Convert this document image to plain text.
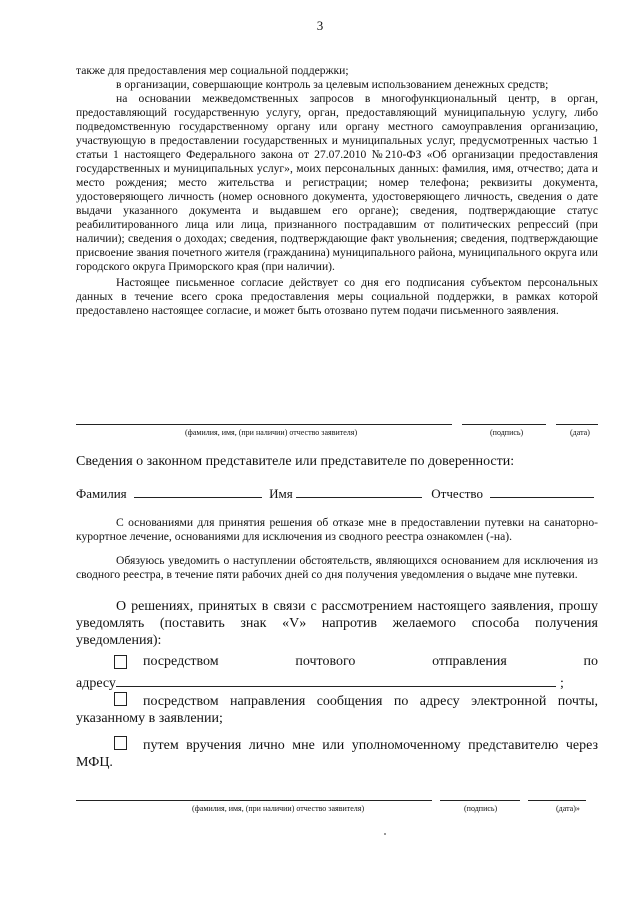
3

также для предоставления мер социальной поддержки;

в организации, совершающие контроль за целевым использованием денежных средств;

на основании межведомственных запросов в многофункциональный центр, в орган, предоставляющий государственную услугу, орган, предоставляющий муниципальную услугу, либо подведомственную государственному органу или органу местного самоуправления организацию, участвующую в предоставлении государственных и муниципальных услуг, предусмотренных частью 1 статьи 1 настоящего Федерального закона от 27.07.2010 №210-ФЗ «Об организации предоставления государственных и муниципальных услуг», моих персональных данных: фамилия, имя, отчество; дата и место рождения; место жительства и регистрации; номер телефона; реквизиты документа, удостоверяющего личность (номер основного документа, удостоверяющего личность, сведения о дате выдачи указанного документа и выдавшем его органе); сведения, подтверждающие статус реабилитированного лица или лица, признанного пострадавшим от политических репрессий (при наличии); сведения о доходах; сведения, подтверждающие факт увольнения; сведения, подтверждающие присвоение звания почетного жителя (гражданина) муниципального района, муниципального округа или городского округа Приморского края (при наличии).

Настоящее письменное согласие действует со дня его подписания субъектом персональных данных в течение всего срока предоставления меры социальной поддержки, в рамках которой предоставлено настоящее согласие, и может быть отозвано путем подачи письменного заявления.

(фамилия, имя, (при наличии) отчество заявителя)	(подпись)	(дата)
Сведения о законном представителе или представителе по доверенности:
Фамилия	Имя	Отчество

С основаниями для принятия решения об отказе мне в предоставлении путевки на санаторно-курортное лечение, основаниями для исключения из сводного реестра ознакомлен (-на).

Обязуюсь уведомить о наступлении обстоятельств, являющихся основанием для исключения из сводного реестра, в течение пяти рабочих дней со дня получения уведомления о выдаче мне путевки.

О решениях, принятых в связи с рассмотрением настоящего заявления, прошу уведомлять (поставить знак «V» напротив желаемого способа получения уведомления):

посредством	почтового	отправления	по
адресу	;

посредством направления сообщения по адресу электронной почты, указанному в заявлении;

путем вручения лично мне или уполномоченному представителю через МФЦ.

(фамилия, имя, (при наличии) отчество заявителя)	(подпись)	(дата)»
